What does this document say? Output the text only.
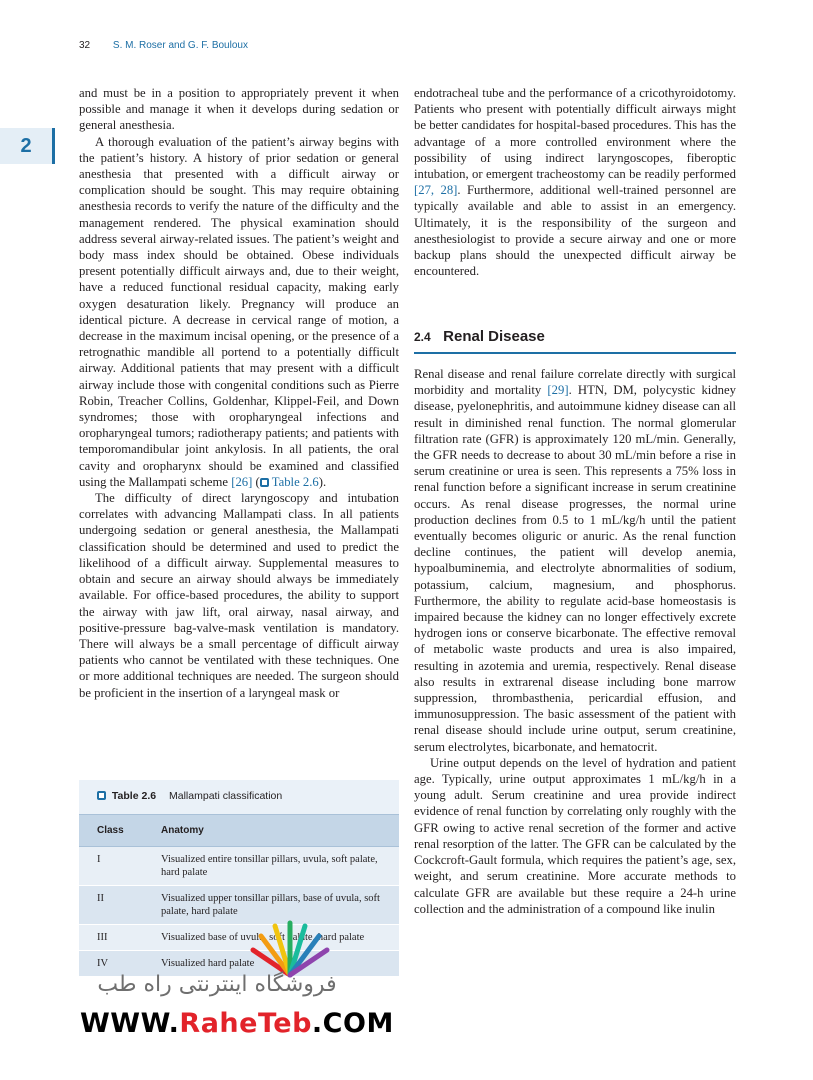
32 S. M. Roser and G. F. Bouloux
2

and must be in a position to appropriately prevent it when possible and manage it when it develops during sedation or general anesthesia.

A thorough evaluation of the patient’s airway begins with the patient’s history. A history of prior sedation or general anesthesia that presented with a difficult airway or complication should be sought. This may require obtaining anesthesia records to verify the nature of the difficulty and the management rendered. The physical examination should address several airway-related issues. The patient’s weight and body mass index should be obtained. Obese individuals present potentially difficult airways and, due to their weight, have a reduced functional residual capacity, making early oxygen desaturation likely. Pregnancy will produce an identical picture. A decrease in cervical range of motion, a decrease in the maximum incisal opening, or the presence of a retrognathic mandible all portend to a potentially difficult airway. Additional patients that may present with a difficult airway include those with congenital conditions such as Pierre Robin, Treacher Collins, Goldenhar, Klippel-Feil, and Down syndromes; those with oropharyngeal infections and oropharyngeal tumors; radiotherapy patients; and patients with temporomandibular joint ankylosis. In all patients, the oral cavity and oropharynx should be examined and classified using the Mallampati scheme [26] ( Table 2.6).

The difficulty of direct laryngoscopy and intubation correlates with advancing Mallampati class. In all patients undergoing sedation or general anesthesia, the Mallampati classification should be determined and used to predict the likelihood of a difficult airway. Supplemental measures to obtain and secure an airway should always be immediately available. For office-based procedures, the ability to support the airway with jaw lift, oral airway, nasal airway, and positive-pressure bag-valve-mask ventilation is mandatory. There will always be a small percentage of difficult airway patients who cannot be ventilated with these techniques. One or more additional techniques are needed. The surgeon should be proficient in the insertion of a laryngeal mask or

endotracheal tube and the performance of a cricothyroidotomy. Patients who present with potentially difficult airways might be better candidates for hospital-based procedures. This has the advantage of a more controlled environment where the possibility of using indirect laryngoscopes, fiberoptic intubation, or emergent tracheostomy can be readily performed [27, 28]. Furthermore, additional well-trained personnel are typically available and able to assist in an emergency. Ultimately, it is the responsibility of the surgeon and anesthesiologist to provide a secure airway and one or more backup plans should the unexpected difficult airway be encountered.

2.4 Renal Disease

Renal disease and renal failure correlate directly with surgical morbidity and mortality [29]. HTN, DM, polycystic kidney disease, pyelonephritis, and autoimmune kidney disease can all result in diminished renal function. The normal glomerular filtration rate (GFR) is approximately 120 mL/min. Generally, the GFR needs to decrease to about 30 mL/min before a rise in serum creatinine or urea is seen. This represents a 75% loss in renal function before a significant increase in serum creatinine occurs. As renal disease progresses, the normal urine production declines from 0.5 to 1 mL/kg/h until the patient eventually becomes oliguric or anuric. As the renal function decline continues, the patient will develop anemia, hypoalbuminemia, and electrolyte abnormalities of sodium, potassium, calcium, magnesium, and phosphorus. Furthermore, the ability to regulate acid-base homeostasis is impaired because the kidney can no longer effectively excrete hydrogen ions or conserve bicarbonate. The effective removal of metabolic waste products and urea is also impaired, resulting in azotemia and uremia, respectively. Renal disease also results in extrarenal disease including bone marrow suppression, thrombasthenia, pericardial effusion, and immunosuppression. The basic assessment of the patient with renal disease should include urine output, serum creatinine, serum electrolytes, bicarbonate, and hematocrit.

Urine output depends on the level of hydration and patient age. Typically, urine output approximates 1 mL/kg/h in a young adult. Serum creatinine and urea provide indirect evidence of renal function by correlating only roughly with the GFR owing to active renal secretion of the former and active renal resorption of the latter. The GFR can be calculated by the Cockcroft-Gault formula, which requires the patient’s age, sex, weight, and serum creatinine. More accurate methods to calculate GFR are available but these require a 24-h urine collection and the administration of a compound like inulin

Table 2.6 Mallampati classification
Class	Anatomy
I	Visualized entire tonsillar pillars, uvula, soft palate, hard palate
II	Visualized upper tonsillar pillars, base of uvula, soft palate, hard palate
III	Visualized base of uvula, soft palate, hard palate
IV	Visualized hard palate
فروشگاه اینترنتی راه طب
WWW.RaheTeb.COM
